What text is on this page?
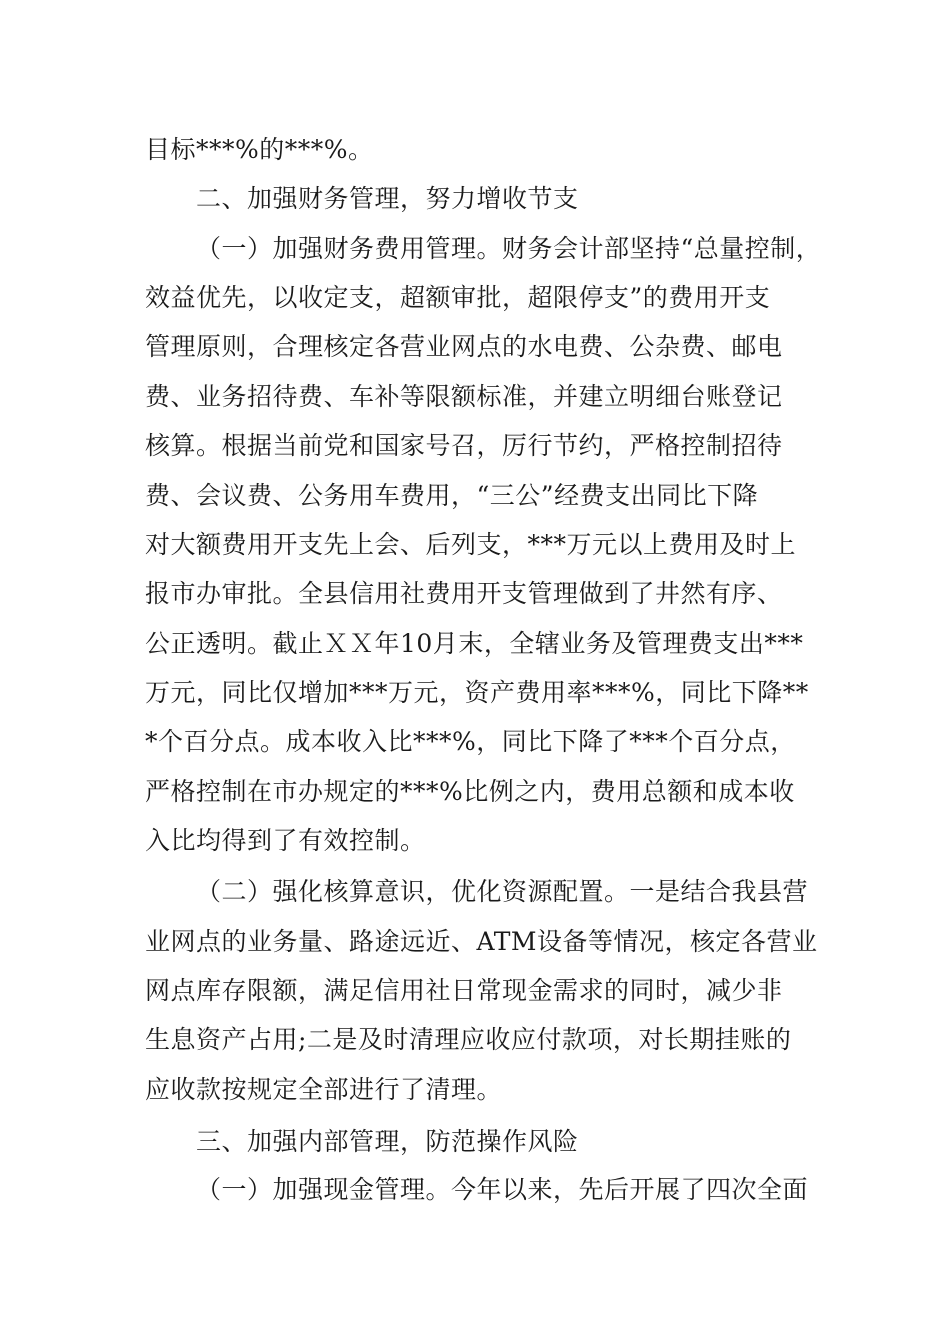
目标***%的***%。
二、加强财务管理，努力增收节支
（一）加强财务费用管理。财务会计部坚持“总量控制，
效益优先，以收定支，超额审批，超限停支”的费用开支
管理原则，合理核定各营业网点的水电费、公杂费、邮电
费、业务招待费、车补等限额标准，并建立明细台账登记
核算。根据当前党和国家号召，厉行节约，严格控制招待
费、会议费、公务用车费用，“三公”经费支出同比下降
对大额费用开支先上会、后列支，***万元以上费用及时上
报市办审批。全县信用社费用开支管理做到了井然有序、
公正透明。截止ＸＸ年10月末，全辖业务及管理费支出***
万元，同比仅增加***万元，资产费用率***%，同比下降**
*个百分点。成本收入比***%，同比下降了***个百分点，
严格控制在市办规定的***%比例之内，费用总额和成本收
入比均得到了有效控制。
（二）强化核算意识，优化资源配置。一是结合我县营
业网点的业务量、路途远近、ATM设备等情况，核定各营业
网点库存限额，满足信用社日常现金需求的同时，减少非
生息资产占用;二是及时清理应收应付款项，对长期挂账的
应收款按规定全部进行了清理。
三、加强内部管理，防范操作风险
（一）加强现金管理。今年以来，先后开展了四次全面
